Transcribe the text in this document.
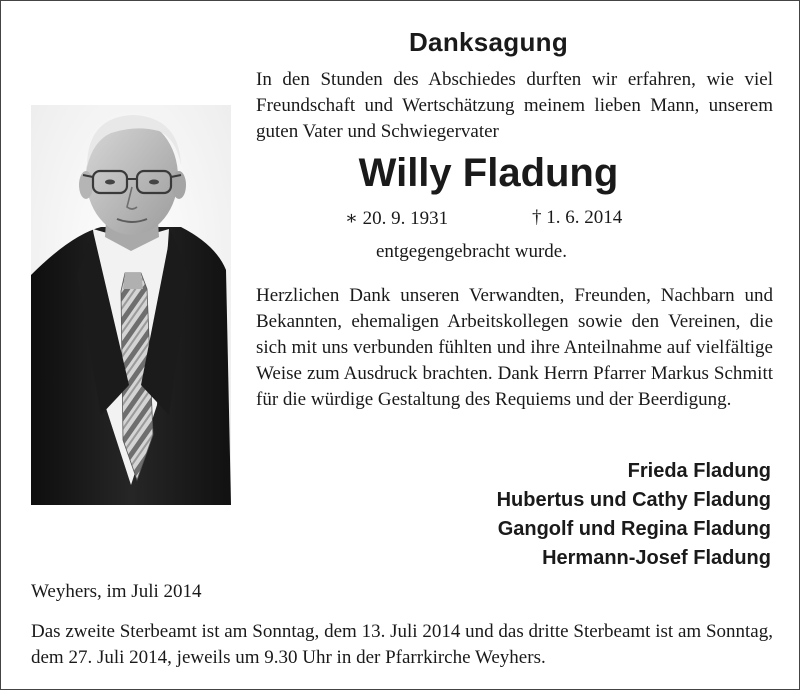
Danksagung
In den Stunden des Abschiedes durften wir erfahren, wie viel Freundschaft und Wertschätzung meinem lieben Mann, unserem guten Vater und Schwiegervater
Willy Fladung
∗ 20. 9. 1931	† 1. 6. 2014
entgegengebracht wurde.
Herzlichen Dank unseren Verwandten, Freunden, Nachbarn und Bekannten, ehemaligen Arbeitskollegen sowie den Vereinen, die sich mit uns verbunden fühlten und ihre Anteilnahme auf vielfältige Weise zum Ausdruck brachten. Dank Herrn Pfarrer Markus Schmitt für die würdige Gestaltung des Requiems und der Beerdigung.
Frieda Fladung
Hubertus und Cathy Fladung
Gangolf und Regina Fladung
Hermann-Josef Fladung
Weyhers, im Juli 2014
Das zweite Sterbeamt ist am Sonntag, dem 13. Juli 2014 und das dritte Sterbeamt ist am Sonntag, dem 27. Juli 2014, jeweils um 9.30 Uhr in der Pfarrkirche Weyhers.
